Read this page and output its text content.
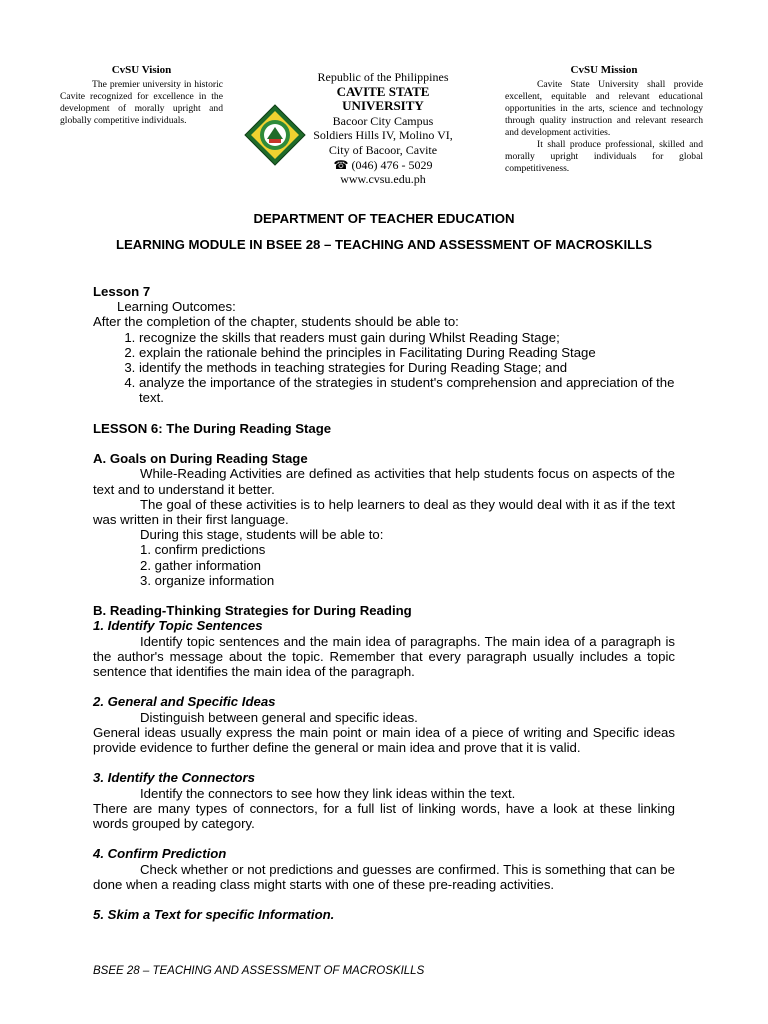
CvSU Vision
The premier university in historic Cavite recognized for excellence in the development of morally upright and globally competitive individuals.
Republic of the Philippines
CAVITE STATE UNIVERSITY
Bacoor City Campus
Soldiers Hills IV, Molino VI,
City of Bacoor, Cavite
☎ (046) 476 - 5029
www.cvsu.edu.ph
CvSU Mission
Cavite State University shall provide excellent, equitable and relevant educational opportunities in the arts, science and technology through quality instruction and relevant research and development activities.
It shall produce professional, skilled and morally upright individuals for global competitiveness.
DEPARTMENT OF TEACHER EDUCATION
LEARNING MODULE IN BSEE 28 – TEACHING AND ASSESSMENT OF MACROSKILLS
Lesson 7
Learning Outcomes:
After the completion of the chapter, students should be able to:
1. recognize the skills that readers must gain during Whilst Reading Stage;
2. explain the rationale behind the principles in Facilitating During Reading Stage
3. identify the methods in teaching strategies for During Reading Stage; and
4. analyze the importance of the strategies in student's comprehension and appreciation of the text.
LESSON 6: The During Reading Stage
A. Goals on During Reading Stage
While-Reading Activities are defined as activities that help students focus on aspects of the text and to understand it better.
The goal of these activities is to help learners to deal as they would deal with it as if the text was written in their first language.
During this stage, students will be able to:
1. confirm predictions
2. gather information
3. organize information
B. Reading-Thinking Strategies for During Reading
1. Identify Topic Sentences
Identify topic sentences and the main idea of paragraphs. The main idea of a paragraph is the author's message about the topic. Remember that every paragraph usually includes a topic sentence that identifies the main idea of the paragraph.
2. General and Specific Ideas
Distinguish between general and specific ideas.
General ideas usually express the main point or main idea of a piece of writing and Specific ideas provide evidence to further define the general or main idea and prove that it is valid.
3. Identify the Connectors
Identify the connectors to see how they link ideas within the text.
There are many types of connectors, for a full list of linking words, have a look at these linking words grouped by category.
4. Confirm Prediction
Check whether or not predictions and guesses are confirmed. This is something that can be done when a reading class might starts with one of these pre-reading activities.
5. Skim a Text for specific Information.
BSEE 28 – TEACHING AND ASSESSMENT OF MACROSKILLS
